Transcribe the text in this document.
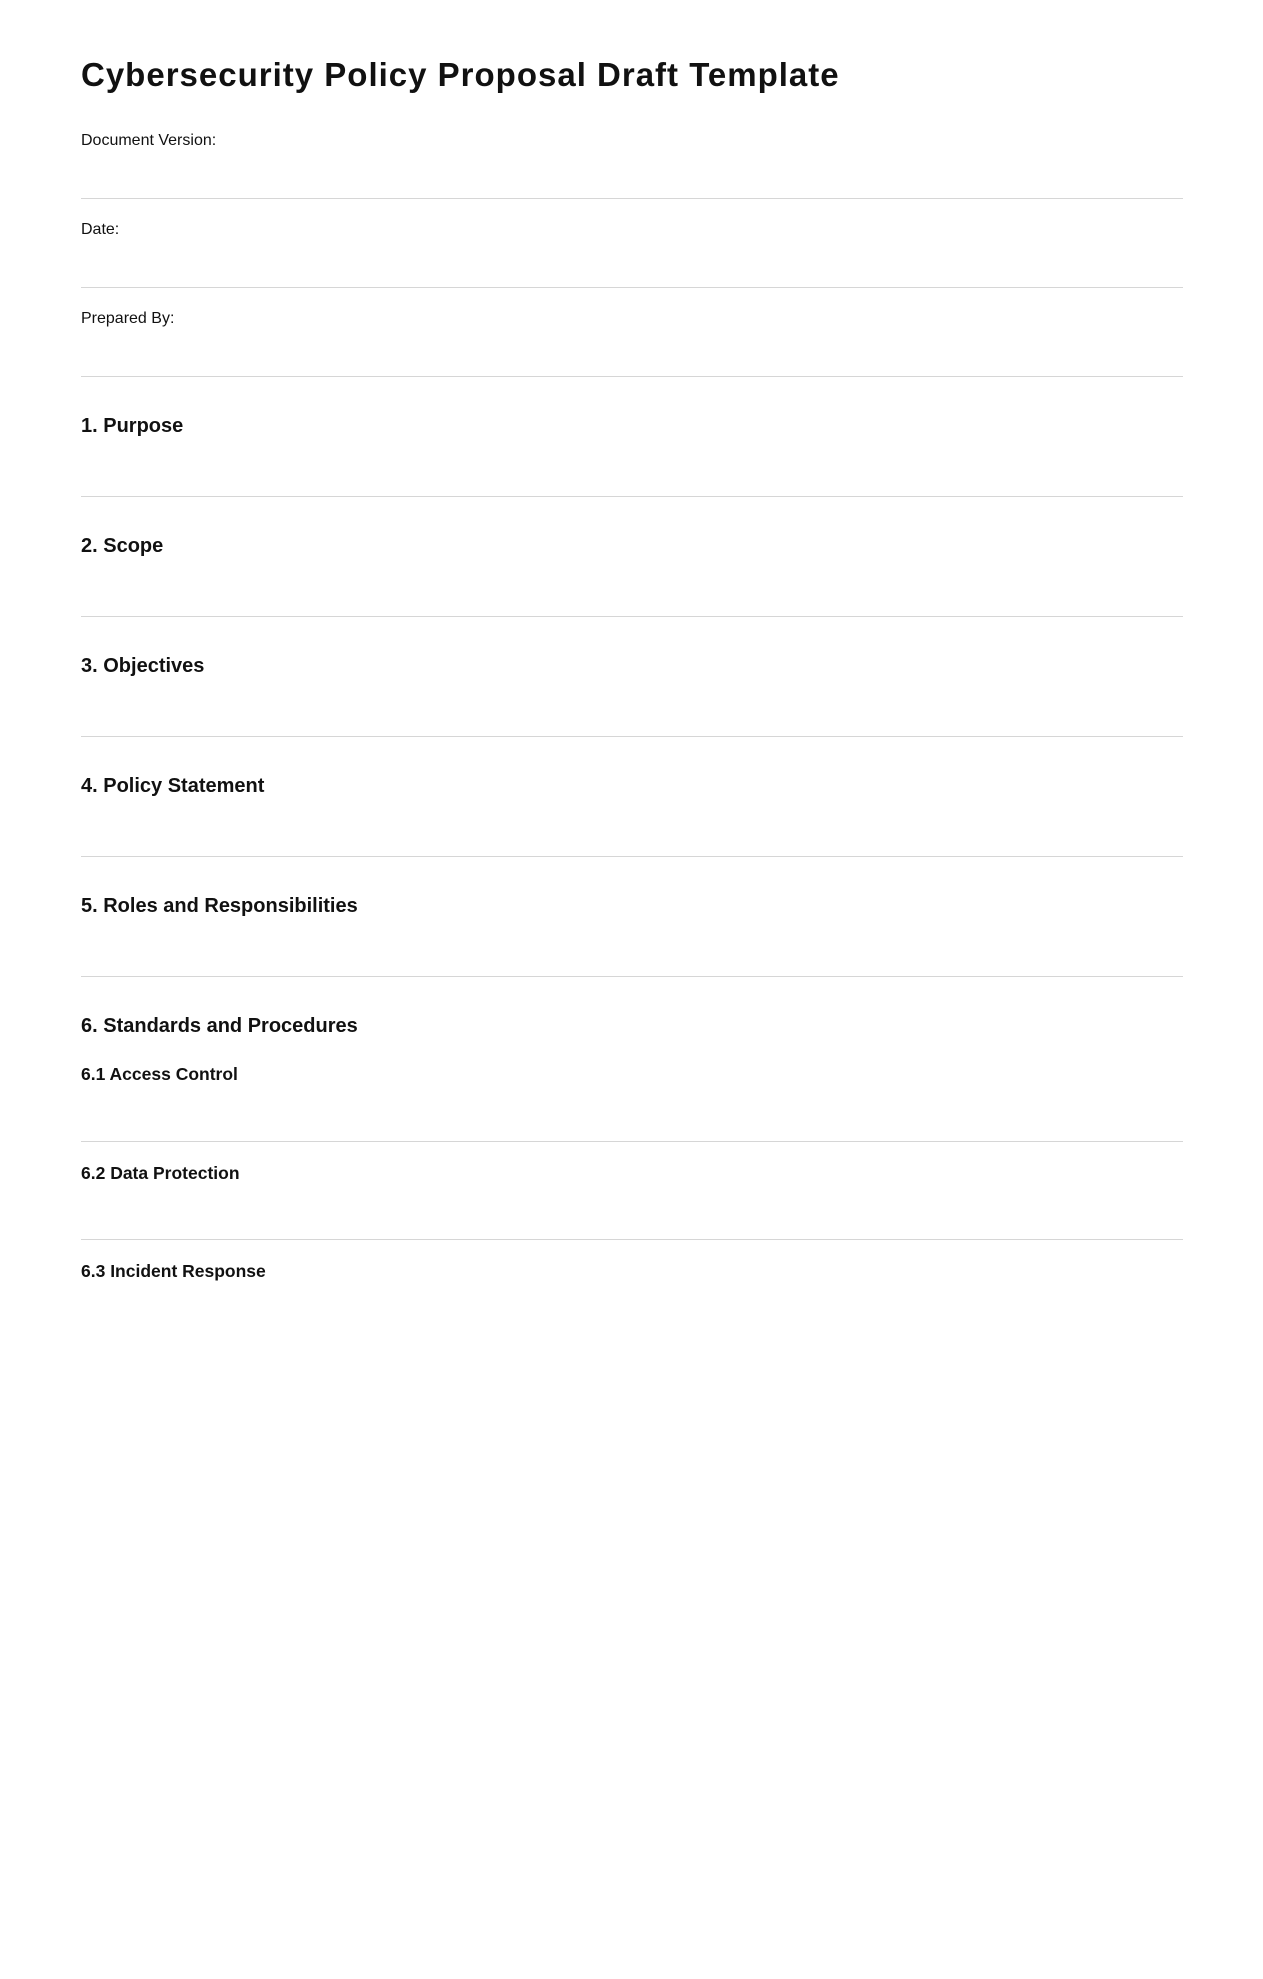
Cybersecurity Policy Proposal Draft Template

Document Version:

Date:

Prepared By:

1. Purpose
2. Scope
3. Objectives
4. Policy Statement
5. Roles and Responsibilities
6. Standards and Procedures
6.1 Access Control
6.2 Data Protection
6.3 Incident Response
